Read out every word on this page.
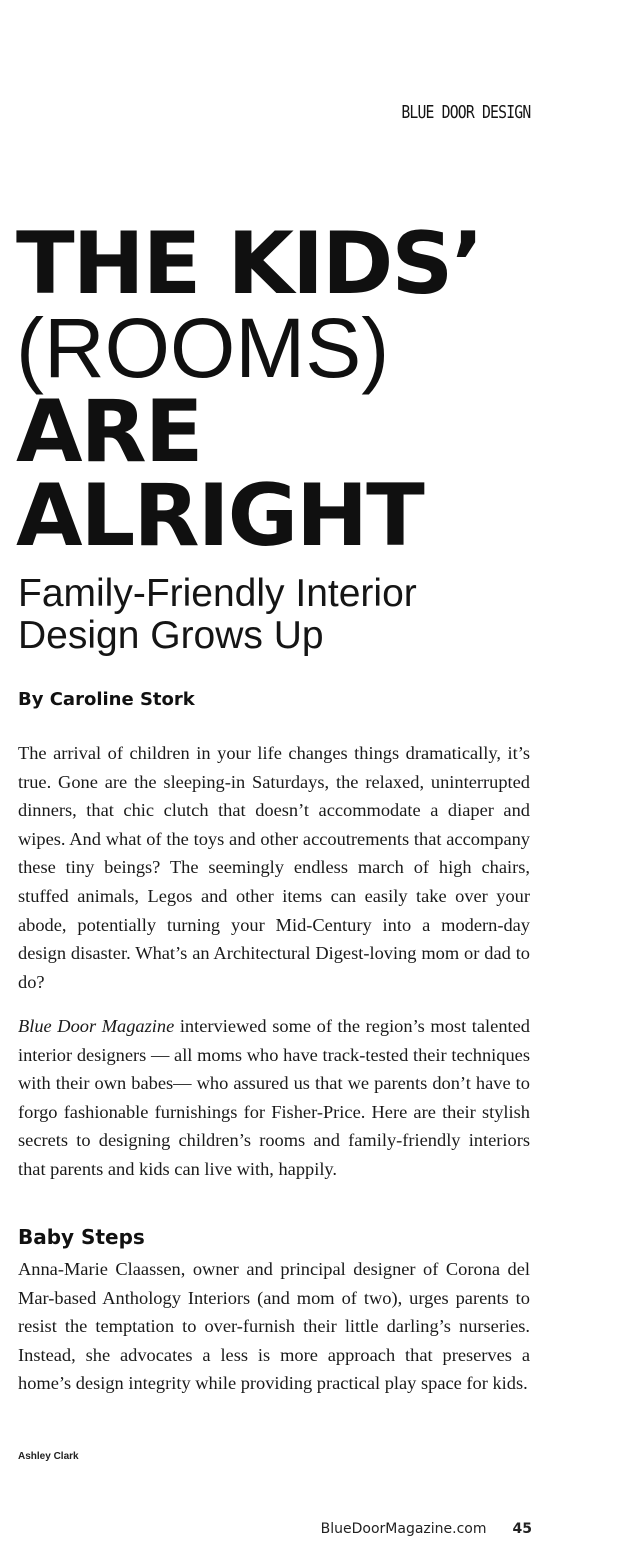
BLUE DOOR DESIGN
THE KIDS’
(ROOMS)
ARE
ALRIGHT
Family-Friendly Interior Design Grows Up
By Caroline Stork

The arrival of children in your life changes things dramatically, it’s true. Gone are the sleeping-in Saturdays, the relaxed, uninterrupted dinners, that chic clutch that doesn’t accommodate a diaper and wipes. And what of the toys and other accoutrements that accompany these tiny beings? The seemingly endless march of high chairs, stuffed animals, Legos and other items can easily take over your abode, potentially turning your Mid-Century into a modern-day design disaster. What’s an Architectural Digest-loving mom or dad to do?

Blue Door Magazine interviewed some of the region’s most talented interior designers — all moms who have track-tested their techniques with their own babes— who assured us that we parents don’t have to forgo fashionable furnishings for Fisher-Price. Here are their stylish secrets to designing children’s rooms and family-friendly interiors that parents and kids can live with, happily.

Baby Steps

Anna-Marie Claassen, owner and principal designer of Corona del Mar-based Anthology Interiors (and mom of two), urges parents to resist the temptation to over-furnish their little darling’s nurseries. Instead, she advocates a less is more approach that preserves a home’s design integrity while providing practical play space for kids.

Ashley Clark
BlueDoorMagazine.com 45
